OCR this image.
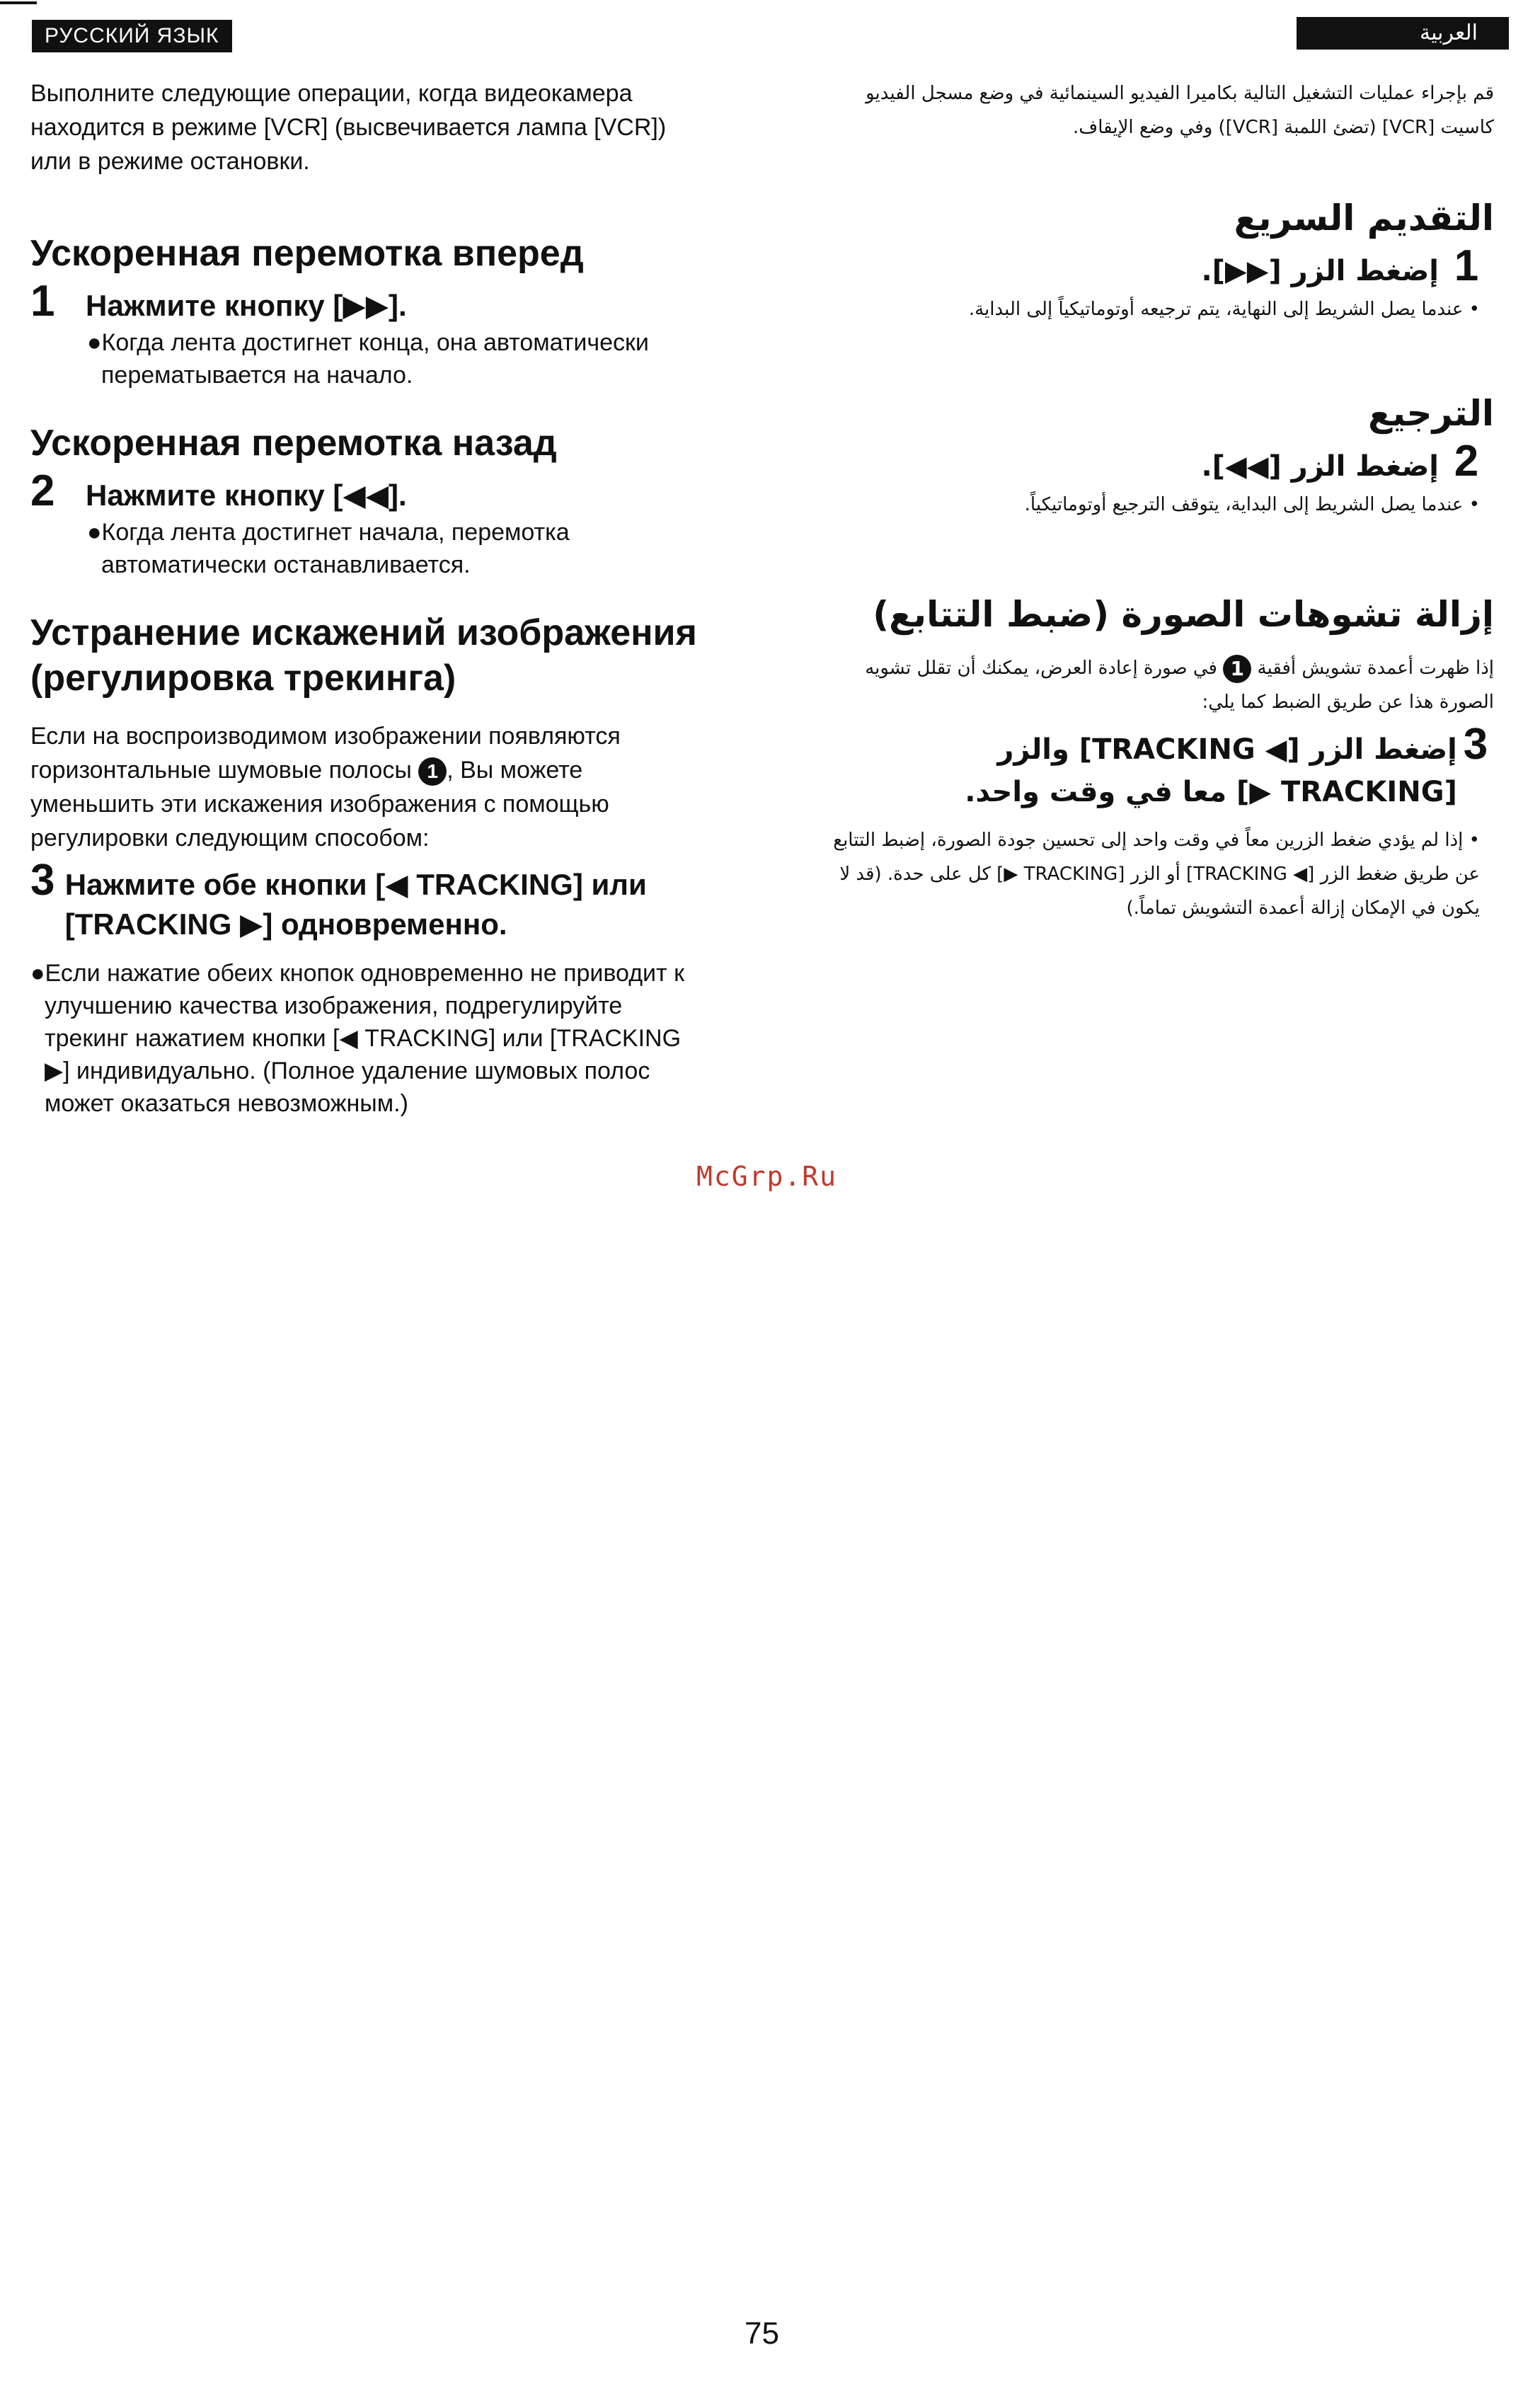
РУССКИЙ ЯЗЫК	العربية

Выполните следующие операции, когда видеокамера находится в режиме [VCR] (высвечивается лампа [VCR]) или в режиме остановки.

Ускоренная перемотка вперед
1	Нажмите кнопку [▶▶].

●Когда лента достигнет конца, она автоматически перематывается на начало.

Ускоренная перемотка назад
2	Нажмите кнопку [◀◀].

●Когда лента достигнет начала, перемотка автоматически останавливается.

Устранение искажений изображения (регулировка трекинга)

Если на воспроизводимом изображении появляются горизонтальные шумовые полосы 1 , Вы можете уменьшить эти искажения изображения с помощью регулировки следующим способом:

3 Нажмите обе кнопки [◀ TRACKING] или [TRACKING ▶] одновременно.

●Если нажатие обеих кнопок одновременно не приводит к улучшению качества изображения, подрегулируйте трекинг нажатием кнопки [◀ TRACKING] или [TRACKING ▶] индивидуально. (Полное удаление шумовых полос может оказаться невозможным.)

قم بإجراء عمليات التشغيل التالية بكاميرا الفيديو السينمائية في وضع مسجل الفيديو كاسيت [VCR] (تضئ اللمبة [VCR]) وفي وضع الإيقاف.

التقديم السريع
1
إضغط الزر [▶▶].

• عندما يصل الشريط إلى النهاية، يتم ترجيعه أوتوماتيكياً إلى البداية.

الترجيع
2
إضغط الزر [◀◀].

• عندما يصل الشريط إلى البداية، يتوقف الترجيع أوتوماتيكياً.

إزالة تشوهات الصورة (ضبط التتابع)

إذا ظهرت أعمدة تشويش أفقية 1 في صورة إعادة العرض، يمكنك أن تقلل تشويه الصورة هذا عن طريق الضبط كما يلي:

3
إضغط الزر [◀ TRACKING] والزر [TRACKING ▶] معا في وقت واحد.

• إذا لم يؤدي ضغط الزرين معاً في وقت واحد إلى تحسين جودة الصورة، إضبط التتابع عن طريق ضغط الزر [◀ TRACKING] أو الزر [TRACKING ▶] كل على حدة. (قد لا يكون في الإمكان إزالة أعمدة التشويش تماماً.)

McGrp.Ru
75
